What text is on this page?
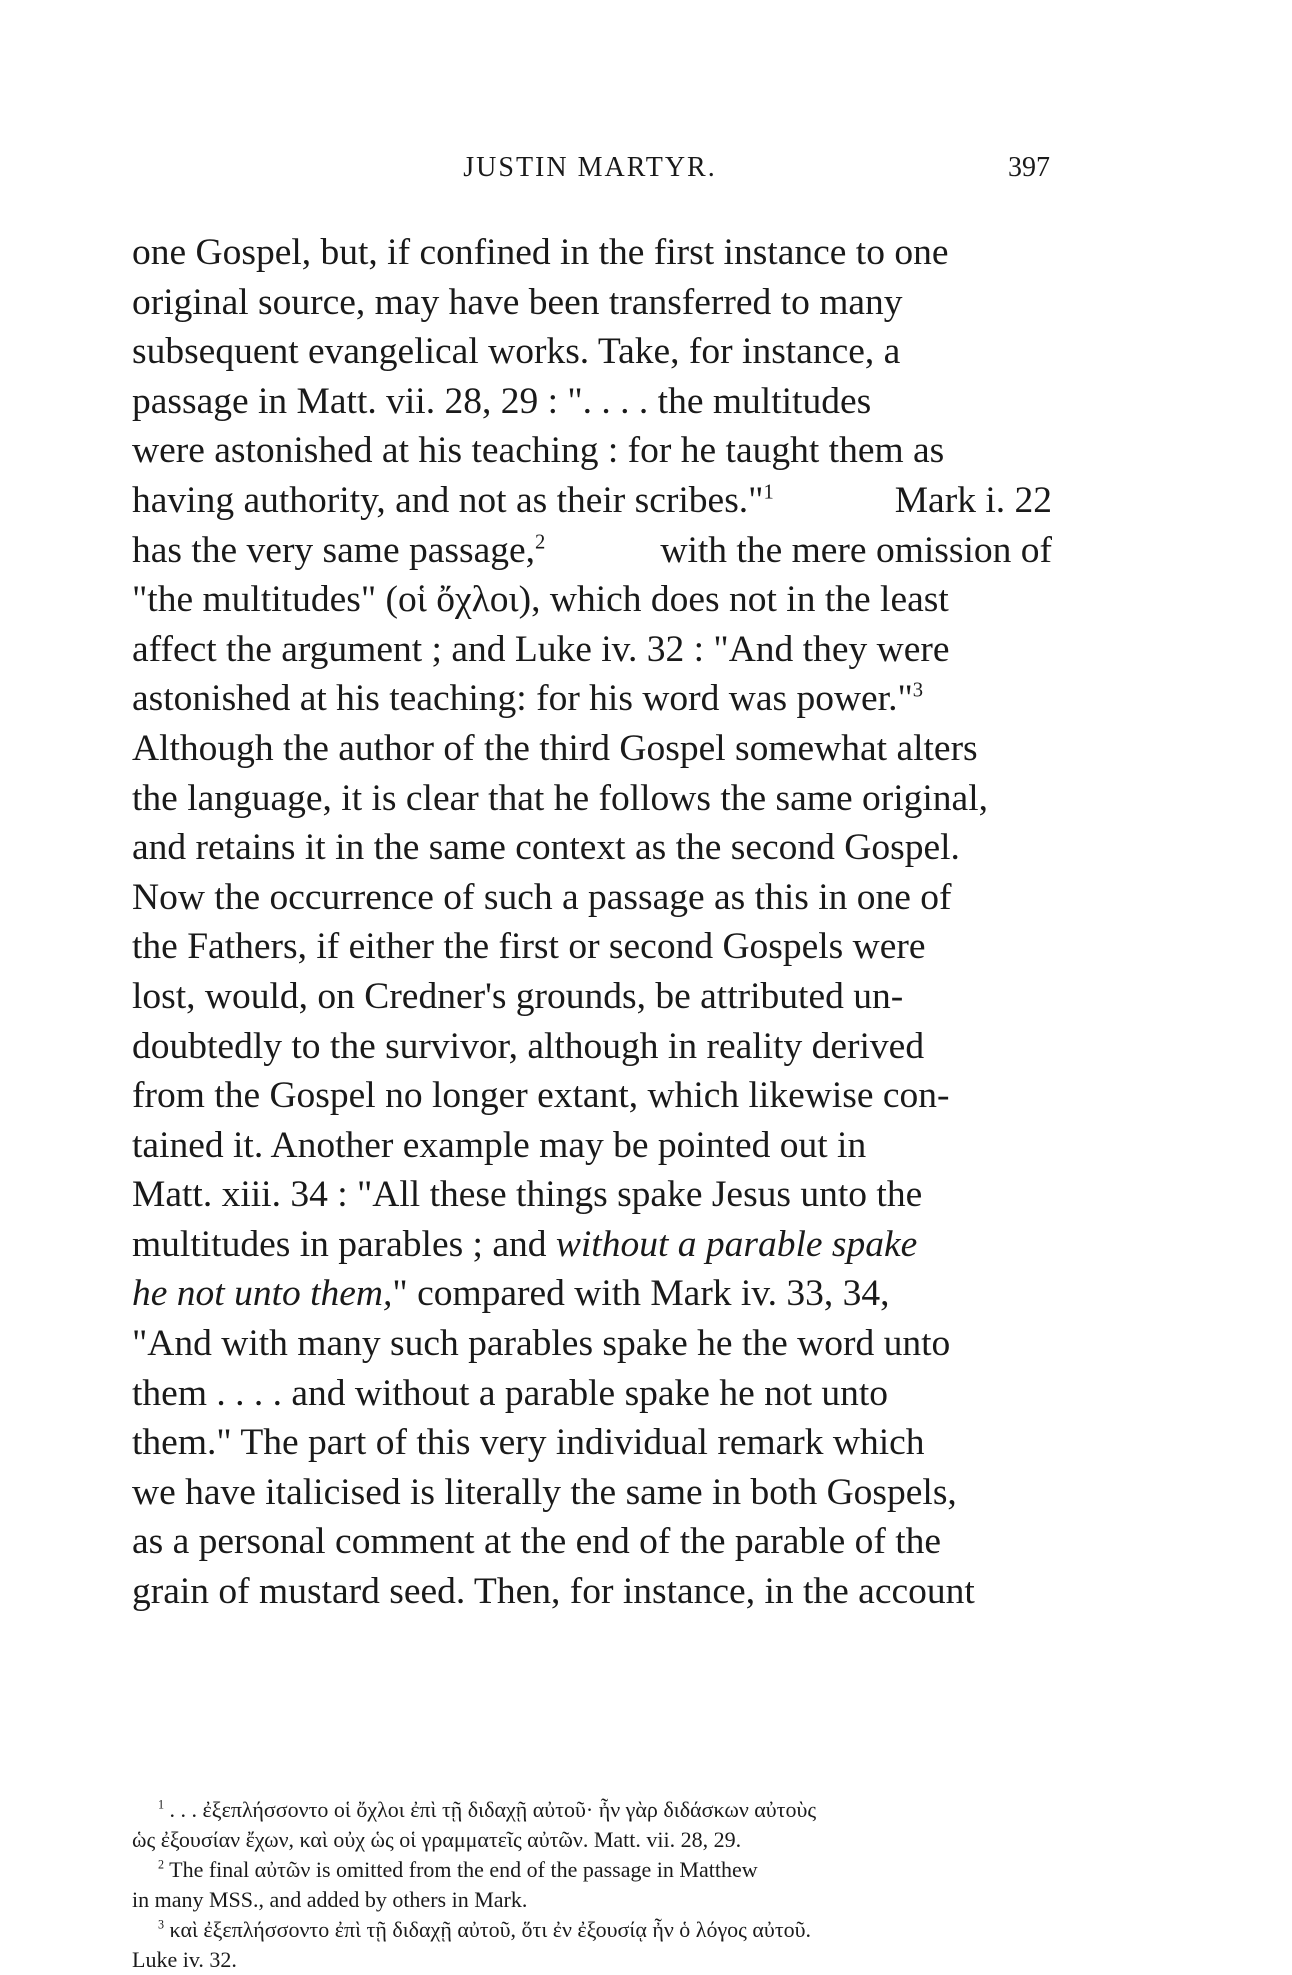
JUSTIN MARTYR.	397
one Gospel, but, if confined in the first instance to one
original source, may have been transferred to many
subsequent evangelical works. Take, for instance, a
passage in Matt. vii. 28, 29 : ". . . . the multitudes
were astonished at his teaching : for he taught them as
having authority, and not as their scribes."$^1$	Mark i. 22
has the very same passage,$^2$	with the mere omission of
"the multitudes" (οἱ ὄχλοι), which does not in the least
affect the argument ; and Luke iv. 32 : "And they were
astonished at his teaching: for his word was power."$^3$
Although the author of the third Gospel somewhat alters
the language, it is clear that he follows the same original,
and retains it in the same context as the second Gospel.
Now the occurrence of such a passage as this in one of
the Fathers, if either the first or second Gospels were
lost, would, on Credner's grounds, be attributed un-
doubtedly to the survivor, although in reality derived
from the Gospel no longer extant, which likewise con-
tained it. Another example may be pointed out in
Matt. xiii. 34 : "All these things spake Jesus unto the
multitudes in parables ; and without a parable spake
he not unto them," compared with Mark iv. 33, 34,
"And with many such parables spake he the word unto
them . . . . and without a parable spake he not unto
them." The part of this very individual remark which
we have italicised is literally the same in both Gospels,
as a personal comment at the end of the parable of the
grain of mustard seed. Then, for instance, in the account
$^1$ . . . ἐξεπλήσσοντο οἱ ὄχλοι ἐπὶ τῇ διδαχῇ αὐτοῦ· ἦν γὰρ διδάσκων αὐτοὺς
ὡς ἐξουσίαν ἔχων, καὶ οὐχ ὡς οἱ γραμματεῖς αὐτῶν. Matt. vii. 28, 29.
$^2$ The final αὐτῶν is omitted from the end of the passage in Matthew
in many MSS., and added by others in Mark.
$^3$ καὶ ἐξεπλήσσοντο ἐπὶ τῇ διδαχῇ αὐτοῦ, ὅτι ἐν ἐξουσίᾳ ἦν ὁ λόγος αὐτοῦ.
Luke iv. 32.
